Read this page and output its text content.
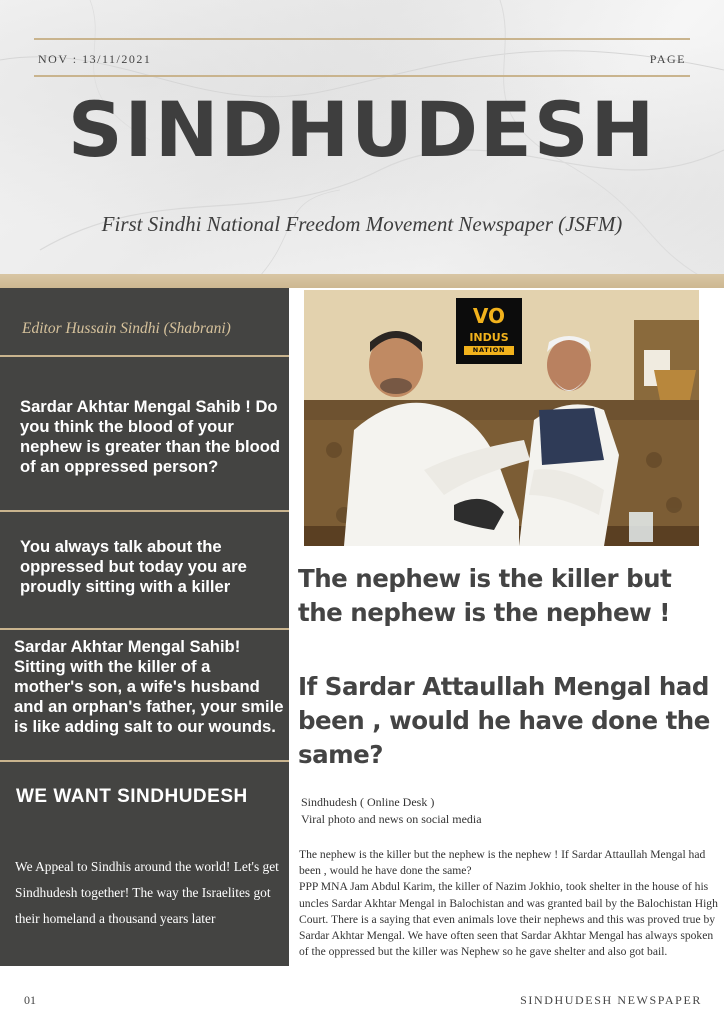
NOV : 13/11/2021	PAGE
SINDHUDESH
First Sindhi National Freedom Movement Newspaper (JSFM)
Editor Hussain Sindhi (Shabrani)
Sardar Akhtar Mengal Sahib ! Do you think the blood of your nephew is greater than the blood of an oppressed person?
You always talk about the oppressed but today you are proudly sitting with a killer
Sardar Akhtar Mengal Sahib! Sitting with the killer of a mother's son, a wife's husband and an orphan's father, your smile is like adding salt to our wounds.
WE WANT SINDHUDESH
We Appeal to Sindhis around the world! Let's get Sindhudesh together! The way the Israelites got their homeland a thousand years later
VO
INDUS
NATION
The nephew is the killer but the nephew is the nephew !
If Sardar Attaullah Mengal had been , would he have done the same?
Sindhudesh ( Online Desk )
Viral photo and news on social media
The nephew is the killer but the nephew is the nephew ! If Sardar Attaullah Mengal had been , would he have done the same?
PPP MNA Jam Abdul Karim, the killer of Nazim Jokhio, took shelter in the house of his uncles Sardar Akhtar Mengal in Balochistan and was granted bail by the Balochistan High Court. There is a saying that even animals love their nephews and this was proved true by Sardar Akhtar Mengal. We have often seen that Sardar Akhtar Mengal has always spoken of the oppressed but the killer was Nephew so he gave shelter and also got bail.
01	SINDHUDESH NEWSPAPER
